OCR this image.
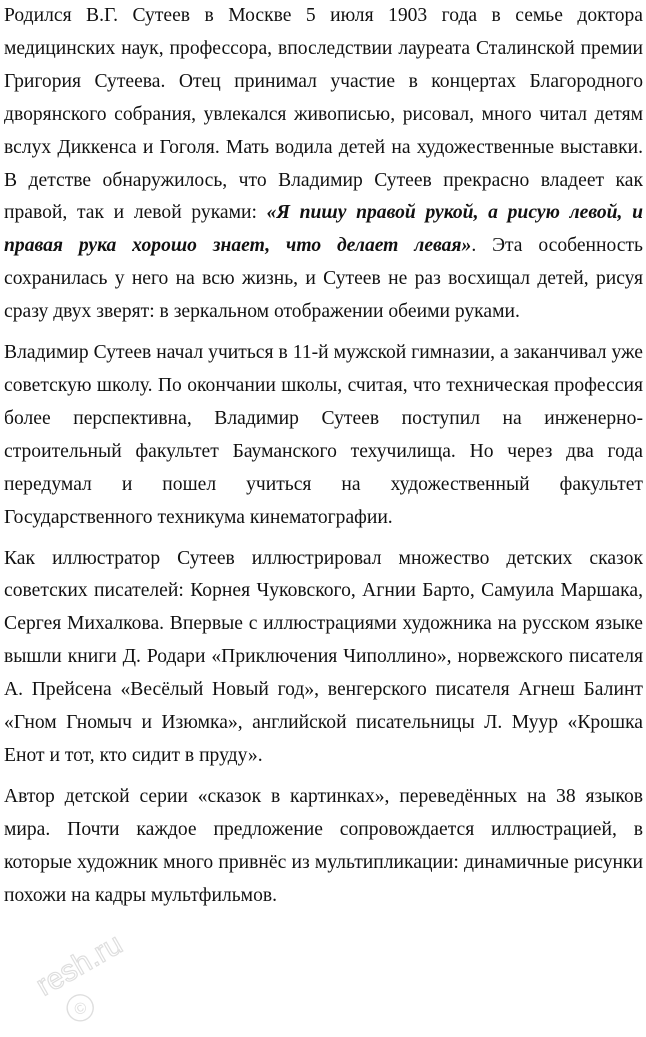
Родился В.Г. Сутеев в Москве 5 июля 1903 года в семье доктора медицинских наук, профессора, впоследствии лауреата Сталинской премии Григория Сутеева. Отец принимал участие в концертах Благородного дворянского собрания, увлекался живописью, рисовал, много читал детям вслух Диккенса и Гоголя. Мать водила детей на художественные выставки. В детстве обнаружилось, что Владимир Сутеев прекрасно владеет как правой, так и левой руками: «Я пишу правой рукой, а рисую левой, и правая рука хорошо знает, что делает левая». Эта особенность сохранилась у него на всю жизнь, и Сутеев не раз восхищал детей, рисуя сразу двух зверят: в зеркальном отображении обеими руками.

Владимир Сутеев начал учиться в 11-й мужской гимназии, а заканчивал уже советскую школу. По окончании школы, считая, что техническая профессия более перспективна, Владимир Сутеев поступил на инженерно-строительный факультет Бауманского техучилища. Но через два года передумал и пошел учиться на художественный факультет Государственного техникума кинематографии.

Как иллюстратор Сутеев иллюстрировал множество детских сказок советских писателей: Корнея Чуковского, Агнии Барто, Самуила Маршака, Сергея Михалкова. Впервые с иллюстрациями художника на русском языке вышли книги Д. Родари «Приключения Чиполлино», норвежского писателя А. Прейсена «Весёлый Новый год», венгерского писателя Агнеш Балинт «Гном Гномыч и Изюмка», английской писательницы Л. Муур «Крошка Енот и тот, кто сидит в пруду».

Автор детской серии «сказок в картинках», переведённых на 38 языков мира. Почти каждое предложение сопровождается иллюстрацией, в которые художник много привнёс из мультипликации: динамичные рисунки похожи на кадры мультфильмов.

resh.ru
©
